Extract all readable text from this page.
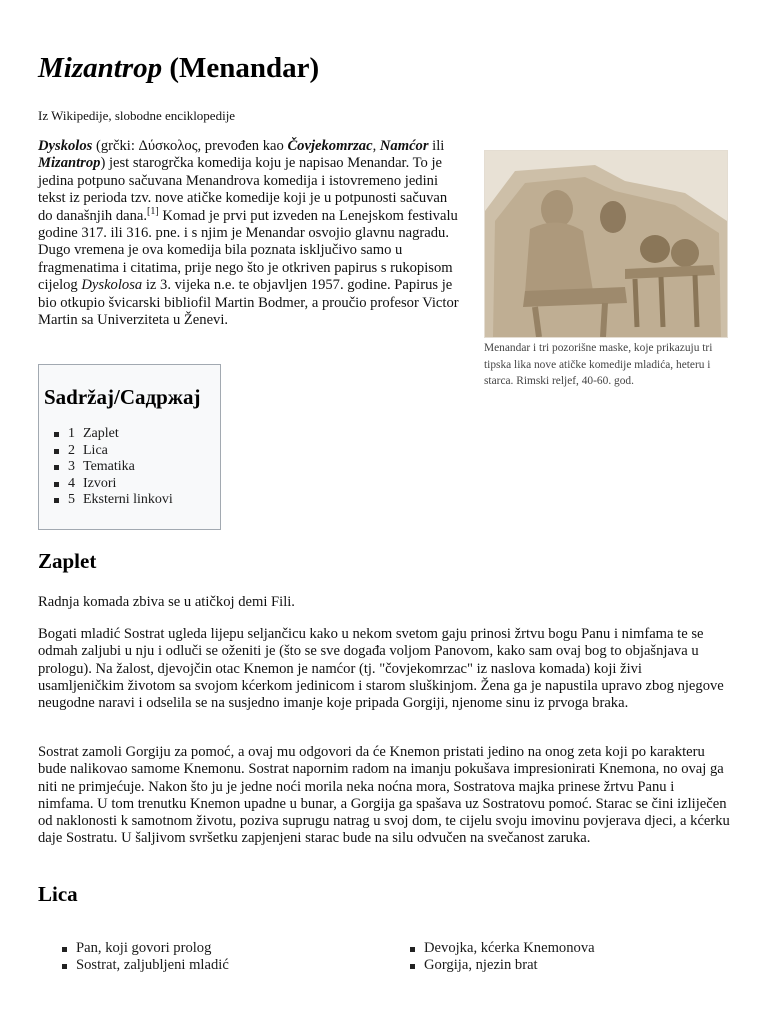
Mizantrop (Menandar)
Iz Wikipedije, slobodne enciklopedije

Dyskolos (grčki: Δύσκολος, prevođen kao Čovjekomrzac, Namćor ili Mizantrop) jest starogrčka komedija koju je napisao Menandar. To je jedina potpuno sačuvana Menandrova komedija i istovremeno jedini tekst iz perioda tzv. nove atičke komedije koji je u potpunosti sačuvan do današnjih dana.[1] Komad je prvi put izveden na Lenejskom festivalu godine 317. ili 316. pne. i s njim je Menandar osvojio glavnu nagradu. Dugo vremena je ova komedija bila poznata isključivo samo u fragmenatima i citatima, prije nego što je otkriven papirus s rukopisom cijelog Dyskolosa iz 3. vijeka n.e. te objavljen 1957. godine. Papirus je bio otkupio švicarski bibliofil Martin Bodmer, a proučio profesor Victor Martin sa Univerziteta u Ženevi.

Menandar i tri pozorišne maske, koje prikazuju tri tipska lika nove atičke komedije mladića, heteru i starca. Rimski reljef, 40-60. god.
Sadržaj/Садржај
1 Zaplet
2 Lica
3 Tematika
4 Izvori
5 Eksterni linkovi
Zaplet

Radnja komada zbiva se u atičkoj demi Fili.

Bogati mladić Sostrat ugleda lijepu seljančicu kako u nekom svetom gaju prinosi žrtvu bogu Panu i nimfama te se odmah zaljubi u nju i odluči se oženiti je (što se sve događa voljom Panovom, kako sam ovaj bog to objašnjava u prologu). Na žalost, djevojčin otac Knemon je namćor (tj. "čovjekomrzac" iz naslova komada) koji živi usamljeničkim životom sa svojom kćerkom jedinicom i starom sluškinjom. Žena ga je napustila upravo zbog njegove neugodne naravi i odselila se na susjedno imanje koje pripada Gorgiji, njenome sinu iz prvoga braka.

Sostrat zamoli Gorgiju za pomoć, a ovaj mu odgovori da će Knemon pristati jedino na onog zeta koji po karakteru bude nalikovao samome Knemonu. Sostrat napornim radom na imanju pokušava impresionirati Knemona, no ovaj ga niti ne primjećuje. Nakon što ju je jedne noći morila neka noćna mora, Sostratova majka prinese žrtvu Panu i nimfama. U tom trenutku Knemon upadne u bunar, a Gorgija ga spašava uz Sostratovu pomoć. Starac se čini izliječen od naklonosti k samotnom životu, poziva suprugu natrag u svoj dom, te cijelu svoju imovinu povjerava djeci, a kćerku daje Sostratu. U šaljivom svršetku zapjenjeni starac bude na silu odvučen na svečanost zaruka.

Lica
Pan, koji govori prolog
Sostrat, zaljubljeni mladić
Devojka, kćerka Knemonova
Gorgija, njezin brat
